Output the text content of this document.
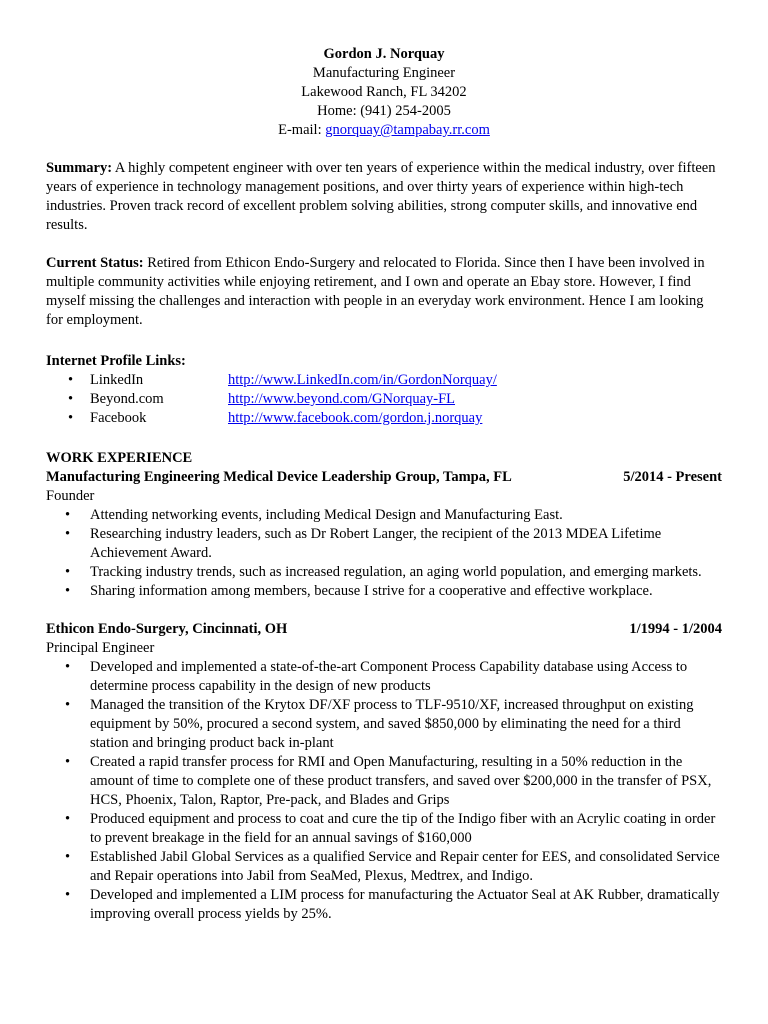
Gordon J. Norquay
Manufacturing Engineer
Lakewood Ranch, FL 34202
Home: (941) 254-2005
E-mail: gnorquay@tampabay.rr.com

Summary: A highly competent engineer with over ten years of experience within the medical industry, over fifteen years of experience in technology management positions, and over thirty years of experience within high-tech industries. Proven track record of excellent problem solving abilities, strong computer skills, and innovative end results.

Current Status: Retired from Ethicon Endo-Surgery and relocated to Florida. Since then I have been involved in multiple community activities while enjoying retirement, and I own and operate an Ebay store. However, I find myself missing the challenges and interaction with people in an everyday work environment. Hence I am looking for employment.

Internet Profile Links:
•	LinkedIn	http://www.LinkedIn.com/in/GordonNorquay/
•	Beyond.com	http://www.beyond.com/GNorquay-FL
•	Facebook	http://www.facebook.com/gordon.j.norquay
WORK EXPERIENCE
Manufacturing Engineering Medical Device Leadership Group, Tampa, FL	5/2014 - Present
Founder
• Attending networking events, including Medical Design and Manufacturing East.
• Researching industry leaders, such as Dr Robert Langer, the recipient of the 2013 MDEA Lifetime Achievement Award.
• Tracking industry trends, such as increased regulation, an aging world population, and emerging markets.
• Sharing information among members, because I strive for a cooperative and effective workplace.
Ethicon Endo-Surgery, Cincinnati, OH	1/1994 - 1/2004
Principal Engineer
• Developed and implemented a state-of-the-art Component Process Capability database using Access to determine process capability in the design of new products
• Managed the transition of the Krytox DF/XF process to TLF-9510/XF, increased throughput on existing equipment by 50%, procured a second system, and saved $850,000 by eliminating the need for a third station and bringing product back in-plant
• Created a rapid transfer process for RMI and Open Manufacturing, resulting in a 50% reduction in the amount of time to complete one of these product transfers, and saved over $200,000 in the transfer of PSX, HCS, Phoenix, Talon, Raptor, Pre-pack, and Blades and Grips
• Produced equipment and process to coat and cure the tip of the Indigo fiber with an Acrylic coating in order to prevent breakage in the field for an annual savings of $160,000
• Established Jabil Global Services as a qualified Service and Repair center for EES, and consolidated Service and Repair operations into Jabil from SeaMed, Plexus, Medtrex, and Indigo.
• Developed and implemented a LIM process for manufacturing the Actuator Seal at AK Rubber, dramatically improving overall process yields by 25%.
